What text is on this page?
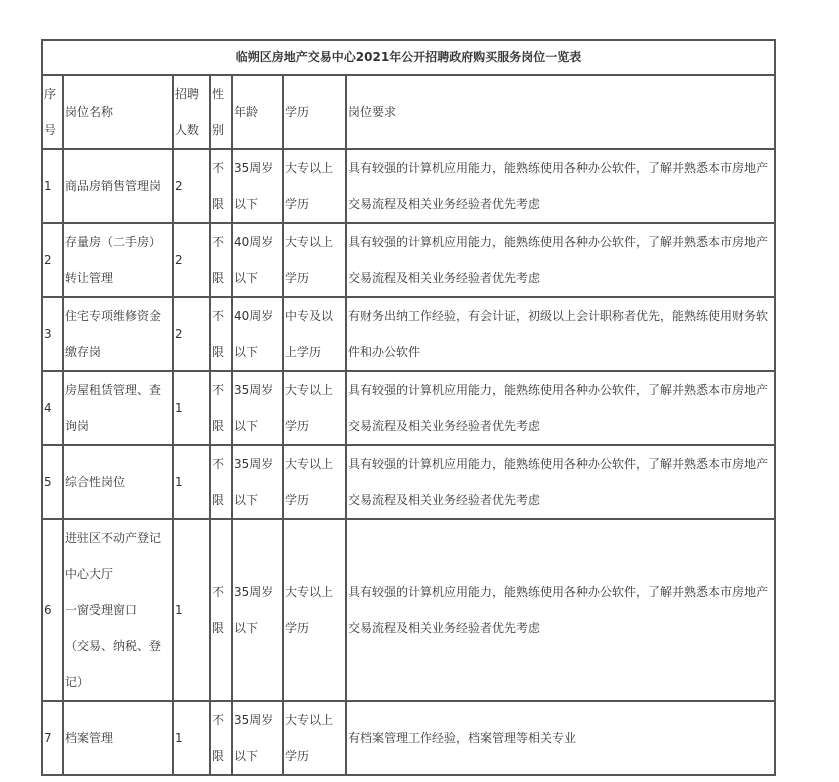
临朔区房地产交易中心2021年公开招聘政府购买服务岗位一览表						
序号	岗位名称	招聘人数	性别	年龄	学历	岗位要求
1	商品房销售管理岗	2	不限	35周岁以下	大专以上学历	具有较强的计算机应用能力，能熟练使用各种办公软件，了解并熟悉本市房地产交易流程及相关业务经验者优先考虑
2	存量房（二手房）转让管理	2	不限	40周岁以下	大专以上学历	具有较强的计算机应用能力，能熟练使用各种办公软件，了解并熟悉本市房地产交易流程及相关业务经验者优先考虑
3	住宅专项维修资金缴存岗	2	不限	40周岁以下	中专及以上学历	有财务出纳工作经验，有会计证，初级以上会计职称者优先，能熟练使用财务软件和办公软件
4	房屋租赁管理、查询岗	1	不限	35周岁以下	大专以上学历	具有较强的计算机应用能力，能熟练使用各种办公软件，了解并熟悉本市房地产交易流程及相关业务经验者优先考虑
5	综合性岗位	1	不限	35周岁以下	大专以上学历	具有较强的计算机应用能力，能熟练使用各种办公软件，了解并熟悉本市房地产交易流程及相关业务经验者优先考虑
6	进驻区不动产登记中心大厅
一窗受理窗口
（交易、纳税、登记）	1	不限	35周岁以下	大专以上学历	具有较强的计算机应用能力，能熟练使用各种办公软件，了解并熟悉本市房地产交易流程及相关业务经验者优先考虑
7	档案管理	1	不限	35周岁以下	大专以上学历	有档案管理工作经验，档案管理等相关专业
